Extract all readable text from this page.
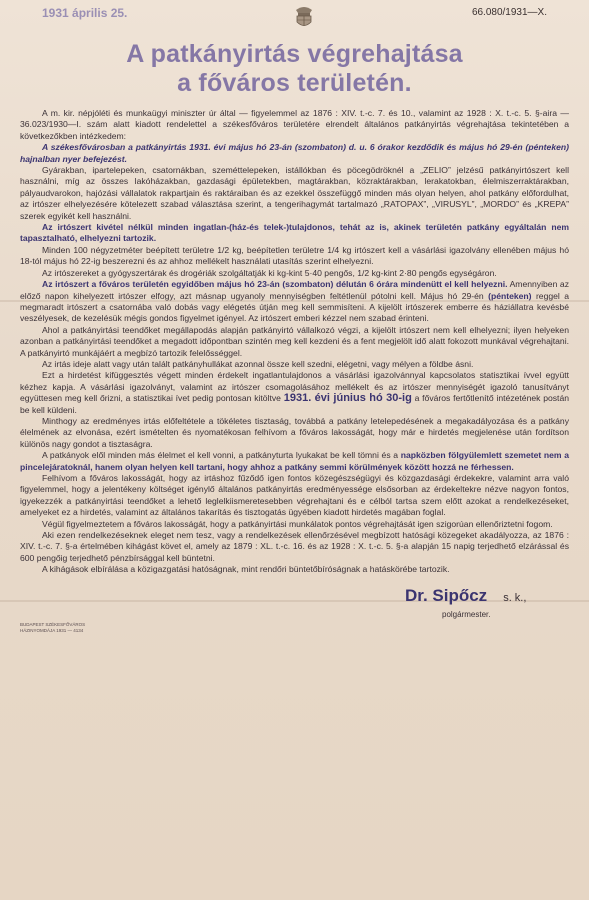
1931 április 25.	66.080/1931—X.
A patkányirtás végrehajtása
a főváros területén.

A m. kir. népjóléti és munkaügyi miniszter úr által — figyelemmel az 1876 : XIV. t.-c. 7. és 10., valamint az 1928 : X. t.-c. 5. §-aira — 36.023/1930—I. szám alatt kiadott rendelettel a székesfőváros területére elrendelt általános patkányirtás végrehajtása tekintetében a következőkben intézkedem:

A székesfővárosban a patkányirtás 1931. évi május hó 23-án (szombaton) d. u. 6 órakor kezdődik és május hó 29-én (pénteken) hajnalban nyer befejezést.

Gyárakban, ipartelepeken, csatornákban, szeméttelepeken, istállókban és pöcegödröknél a „ZELIO” jelzésű patkányirtószert kell használni, míg az összes lakóházakban, gazdasági épületekben, magtárakban, közraktárakban, lerakatokban, élelmiszerraktárakban, pályaudvarokon, hajózási vállalatok rakpartjain és raktáraiban és az ezekkel összefüggő minden más olyan helyen, ahol patkány előfordulhat, az irtószer elhelyezésére kötelezett szabad választása szerint, a tengerihagymát tartalmazó „RATOPAX”, „VIRUSYL”, „MORDO” és „KREPA” szerek egyikét kell használni.

Az irtószert kivétel nélkül minden ingatlan-(ház-és telek-)tulajdonos, tehát az is, akinek területén patkány egyáltalán nem tapasztalható, elhelyezni tartozik.

Minden 100 négyzetméter beépített területre 1/2 kg, beépítetlen területre 1/4 kg irtószert kell a vásárlási igazolvány ellenében május hó 18-tól május hó 22-ig beszerezni és az ahhoz mellékelt használati utasítás szerint elhelyezni.

Az irtószereket a gyógyszertárak és drogériák szolgáltatják ki kg-kint 5·40 pengős, 1/2 kg-kint 2·80 pengős egységáron.

Az irtószert a főváros területén egyidőben május hó 23-án (szombaton) délután 6 órára mindenütt el kell helyezni. Amennyiben az előző napon kihelyezett irtószer elfogy, azt másnap ugyanoly mennyiségben feltétlenül pótolni kell. Május hó 29-én (pénteken) reggel a megmaradt irtószert a csatornába való dobás vagy elégetés útján meg kell semmisíteni. A kijelölt irtószerek emberre és háziállatra kevésbé veszélyesek, de kezelésük mégis gondos figyelmet igényel. Az irtószert emberi kézzel nem szabad érinteni.

Ahol a patkányirtási teendőket megállapodás alapján patkányirtó vállalkozó végzi, a kijelölt irtószert nem kell elhelyezni; ilyen helyeken azonban a patkányirtási teendőket a megadott időpontban szintén meg kell kezdeni és a fent megjelölt idő alatt fokozott munkával végrehajtani. A patkányirtó munkájáért a megbízó tartozik felelősséggel.

Az irtás ideje alatt vagy után talált patkányhullákat azonnal össze kell szedni, elégetni, vagy mélyen a földbe ásni.

Ezt a hirdetést kifüggesztés végett minden érdekelt ingatlantulajdonos a vásárlási igazolvánnyal kapcsolatos statisztikai ívvel együtt kézhez kapja. A vásárlási igazolványt, valamint az irtószer csomagolásához mellékelt és az irtószer mennyiségét igazoló tanusítványt együttesen meg kell őrizni, a statisztikai ívet pedig pontosan kitöltve 1931. évi június hó 30-ig a főváros fertőtlenítő intézetének postán be kell küldeni.

Minthogy az eredményes irtás előfeltétele a tökéletes tisztaság, továbbá a patkány letelepedésének a megakadályozása és a patkány élelmének az elvonása, ezért ismételten és nyomatékosan felhívom a főváros lakosságát, hogy már e hirdetés megjelenése után fordítson különös nagy gondot a tisztaságra.

A patkányok elől minden más élelmet el kell vonni, a patkányturta lyukakat be kell tömni és a napközben fölgyülemlett szemetet nem a pincelejáratoknál, hanem olyan helyen kell tartani, hogy ahhoz a patkány semmi körülmények között hozzá ne férhessen.

Felhívom a főváros lakosságát, hogy az irtáshoz fűződő igen fontos közegészségügyi és közgazdasági érdekekre, valamint arra való figyelemmel, hogy a jelentékeny költséget igénylő általános patkányirtás eredményessége elsősorban az érdekeltekre nézve nagyon fontos, igyekezzék a patkányirtási teendőket a lehető leglelkiismeretesebben végrehajtani és e célból tartsa szem előtt azokat a rendelkezéseket, amelyeket ez a hirdetés, valamint az általános takarítás és tisztogatás ügyében kiadott hirdetés magában foglal.

Végül figyelmeztetem a főváros lakosságát, hogy a patkányirtási munkálatok pontos végrehajtását igen szigorúan ellenőriztetni fogom.

Aki ezen rendelkezéseknek eleget nem tesz, vagy a rendelkezések ellenőrzésével megbízott hatósági közegeket akadályozza, az 1876 : XIV. t.-c. 7. §-a értelmében kihágást követ el, amely az 1879 : XL. t.-c. 16. és az 1928 : X. t.-c. 5. §-a alapján 15 napig terjedhető elzárással és 600 pengőig terjedhető pénzbírsággal kell büntetni.

A kihágások elbírálása a közigazgatási hatóságnak, mint rendőri büntetőbíróságnak a hatáskörébe tartozik.

Dr. Sipőcz s. k.,
polgármester.
BUDAPEST SZÉKESFŐVÁROS
HÁZINYOMDÁJA 1931 — 4134
